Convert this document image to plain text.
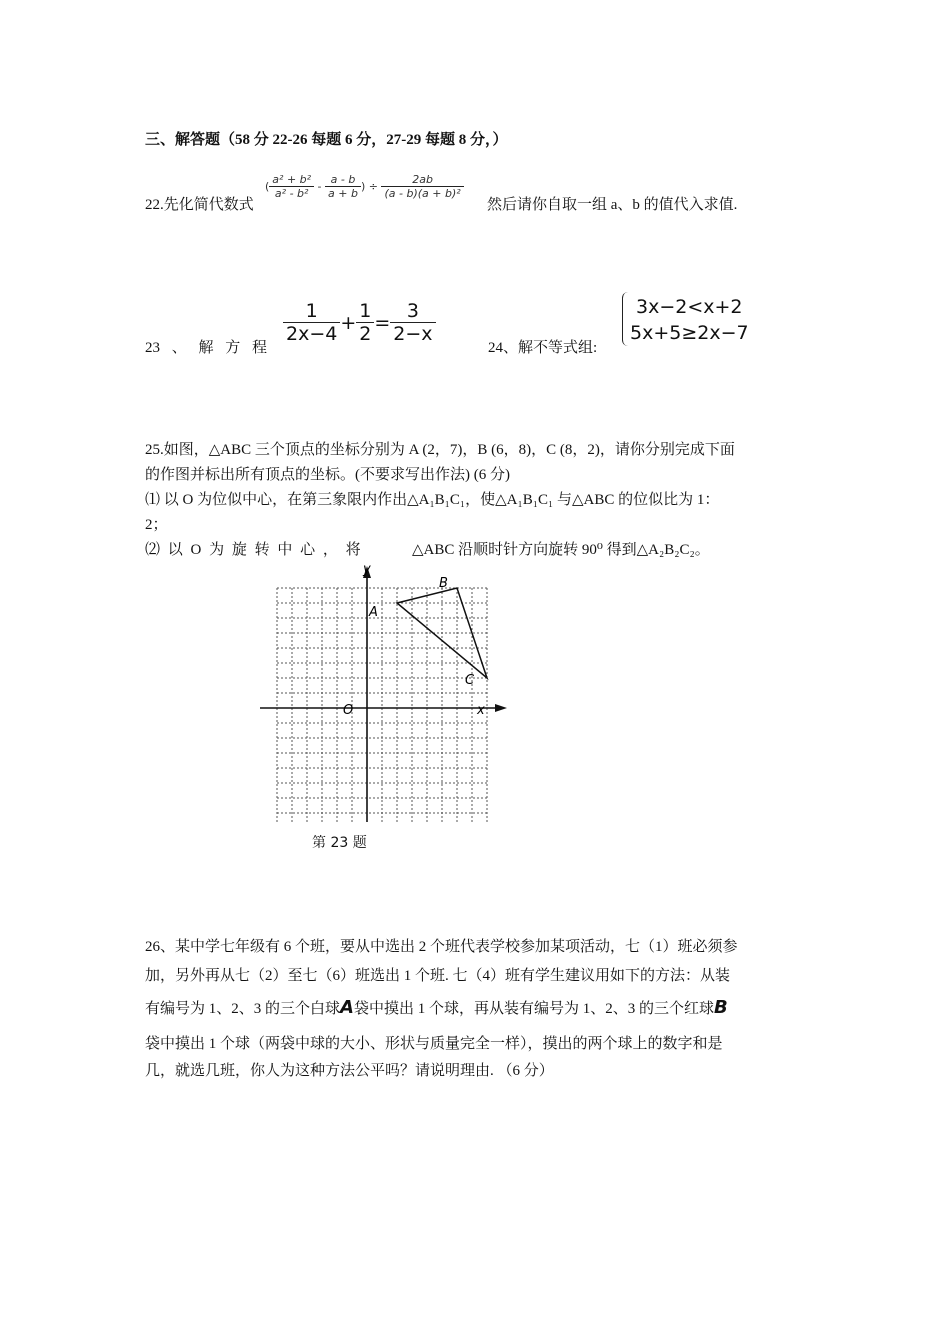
三、解答题（58 分 22-26 每题 6 分，27-29 每题 8 分，）
22.先化简代数式
( $\frac{\text{a² + b²}}{\text{a² - b²}} - \frac{a - b}{a + b}$ ) ÷ $\frac{2ab}{\text{(a - b)(a + b)²}}$
然后请你自取一组 a、b 的值代入求值.
23 、 解 方 程
$\frac{1}{2x-4} + \frac{1}{2} = \frac{3}{2-x}$
24、解不等式组:
3x−2<x+2
5x+5≥2x−7
25.如图，△ABC 三个顶点的坐标分别为 A (2，7)，B (6，8)，C (8，2)，请你分别完成下面
的作图并标出所有顶点的坐标。(不要求写出作法) (6 分)
⑴ 以 O 为位似中心，在第三象限内作出△A₁B₁C₁，使△A₁B₁C₁ 与△ABC 的位似比为 1：
2；
⑵ 以 O 为 旋 转 中 心 ， 将	△ABC 沿顺时针方向旋转 90⁰ 得到△A₂B₂C₂。
y
x
O
A
B
C
第 23 题
26、某中学七年级有 6 个班，要从中选出 2 个班代表学校参加某项活动，七（1）班必须参
加，另外再从七（2）至七（6）班选出 1 个班. 七（4）班有学生建议用如下的方法：从装
有编号为 1、2、3 的三个白球A袋中摸出 1 个球，再从装有编号为 1、2、3 的三个红球B
袋中摸出 1 个球（两袋中球的大小、形状与质量完全一样），摸出的两个球上的数字和是
几，就选几班，你人为这种方法公平吗？请说明理由. （6 分）
